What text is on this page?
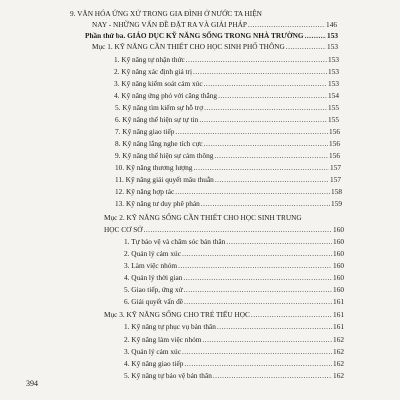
9. VĂN HÓA ỨNG XỬ TRONG GIA ĐÌNH Ở NƯỚC TA HIỆN
NAY - NHỮNG VẤN ĐỀ ĐẶT RA VÀ GIẢI PHÁP .....	146
Phần thứ ba. GIÁO DỤC KỸ NĂNG SỐNG TRONG NHÀ TRƯỜNG .....	153
Mục 1. KỸ NĂNG CẦN THIẾT CHO HỌC SINH PHỔ THÔNG .....	153
1. Kỹ năng tự nhận thức .....	153
2. Kỹ năng xác định giá trị .....	153
3. Kỹ năng kiểm soát cảm xúc .....	153
4. Kỹ năng ứng phó với căng thẳng .....	154
5. Kỹ năng tìm kiếm sự hỗ trợ .....	155
6. Kỹ năng thể hiện sự tự tin .....	155
7. Kỹ năng giao tiếp .....	156
8. Kỹ năng lắng nghe tích cực .....	156
9. Kỹ năng thể hiện sự cảm thông .....	156
10. Kỹ năng thương lượng .....	157
11. Kỹ năng giải quyết mâu thuẫn .....	157
12. Kỹ năng hợp tác .....	158
13. Kỹ năng tư duy phê phán .....	159
Mục 2. KỸ NĂNG SỐNG CẦN THIẾT CHO HỌC SINH TRUNG
HỌC CƠ SỞ .....	160
1. Tự bảo vệ và chăm sóc bản thân .....	160
2. Quản lý cảm xúc .....	160
3. Làm việc nhóm .....	160
4. Quản lý thời gian .....	160
5. Giao tiếp, ứng xử .....	160
6. Giải quyết vấn đề .....	161
Mục 3. KỸ NĂNG SỐNG CHO TRẺ TIỂU HỌC .....	161
1. Kỹ năng tự phục vụ bản thân .....	161
2. Kỹ năng làm việc nhóm .....	162
3. Quản lý cảm xúc .....	162
4. Kỹ năng giao tiếp .....	162
5. Kỹ năng tự bảo vệ bản thân .....	162
394
